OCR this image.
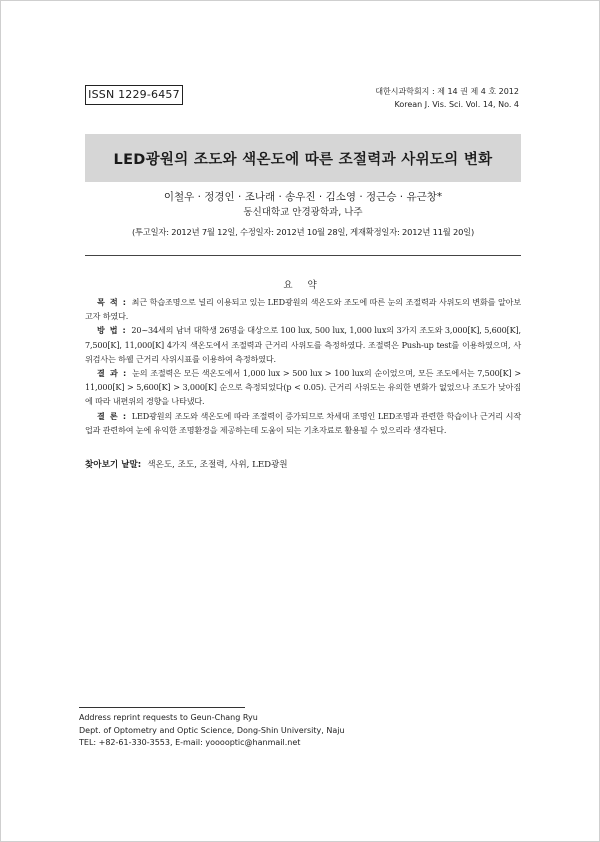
ISSN 1229-6457	대한시과학회지 : 제 14 권 제 4 호 2012
Korean J. Vis. Sci. Vol. 14, No. 4
LED광원의 조도와 색온도에 따른 조절력과 사위도의 변화
이철우 · 정경인 · 조나래 · 송우진 · 김소영 · 정근승 · 유근창*
동신대학교 안경광학과, 나주
(투고일자: 2012년 7월 12일, 수정일자: 2012년 10월 28일, 게재확정일자: 2012년 11월 20일)
요 약

목 적 : 최근 학습조명으로 널리 이용되고 있는 LED광원의 색온도와 조도에 따른 눈의 조절력과 사위도의 변화를 알아보고자 하였다.

방 법 : 20~34세의 남녀 대학생 26명을 대상으로 100 lux, 500 lux, 1,000 lux의 3가지 조도와 3,000[K], 5,600[K], 7,500[K], 11,000[K] 4가지 색온도에서 조절력과 근거리 사위도를 측정하였다. 조절력은 Push-up test를 이용하였으며, 사위검사는 하웰 근거리 사위시표를 이용하여 측정하였다.

결 과 : 눈의 조절력은 모든 색온도에서 1,000 lux > 500 lux > 100 lux의 순이었으며, 모든 조도에서는 7,500[K] > 11,000[K] > 5,600[K] > 3,000[K] 순으로 측정되었다(p < 0.05). 근거리 사위도는 유의한 변화가 없었으나 조도가 낮아짐에 따라 내편위의 경향을 나타냈다.

결 론 : LED광원의 조도와 색온도에 따라 조절력이 증가되므로 차세대 조명인 LED조명과 관련한 학습이나 근거리 시작업과 관련하여 눈에 유익한 조명환경을 제공하는데 도움이 되는 기초자료로 활용될 수 있으리라 생각된다.

찾아보기 낱말: 색온도, 조도, 조절력, 사위, LED광원
Address reprint requests to Geun-Chang Ryu
Dept. of Optometry and Optic Science, Dong-Shin University, Naju
TEL: +82-61-330-3553, E-mail: yooooptic@hanmail.net
